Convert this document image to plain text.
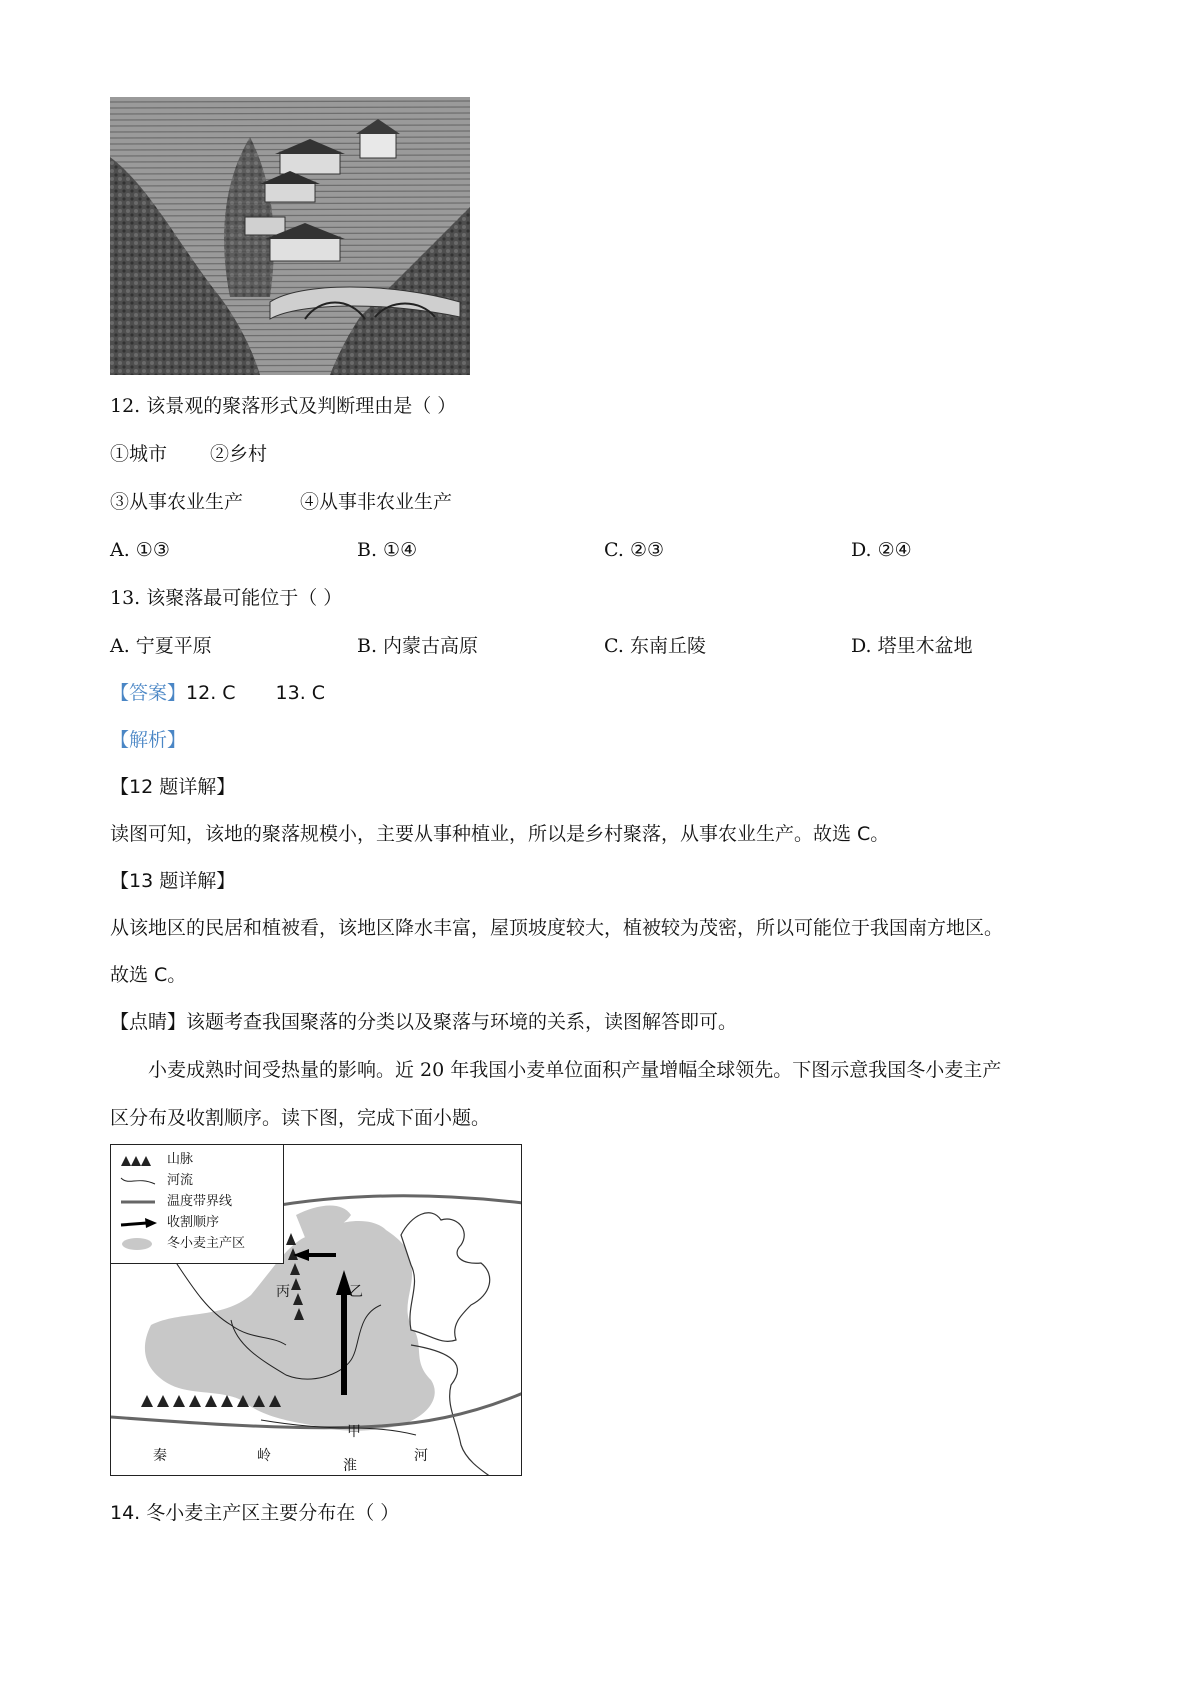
12. 该景观的聚落形式及判断理由是（ ）
①城市 ②乡村
③从事农业生产	④从事非农业生产
A. ①③	B. ①④	C. ②③	D. ②④
13. 该聚落最可能位于（ ）
A. 宁夏平原	B. 内蒙古高原	C. 东南丘陵	D. 塔里木盆地
【答案】12. C 13. C
【解析】
【12 题详解】
读图可知，该地的聚落规模小，主要从事种植业，所以是乡村聚落，从事农业生产。故选 C。
【13 题详解】
从该地区的民居和植被看，该地区降水丰富，屋顶坡度较大，植被较为茂密，所以可能位于我国南方地区。
故选 C。
【点睛】该题考查我国聚落的分类以及聚落与环境的关系，读图解答即可。
小麦成熟时间受热量的影响。近 20 年我国小麦单位面积产量增幅全球领先。下图示意我国冬小麦主产
区分布及收割顺序。读下图，完成下面小题。
山脉
河流
温度带界线
收割顺序
冬小麦主产区
丙	乙
甲
秦	岭
淮
河
14. 冬小麦主产区主要分布在（ ）
